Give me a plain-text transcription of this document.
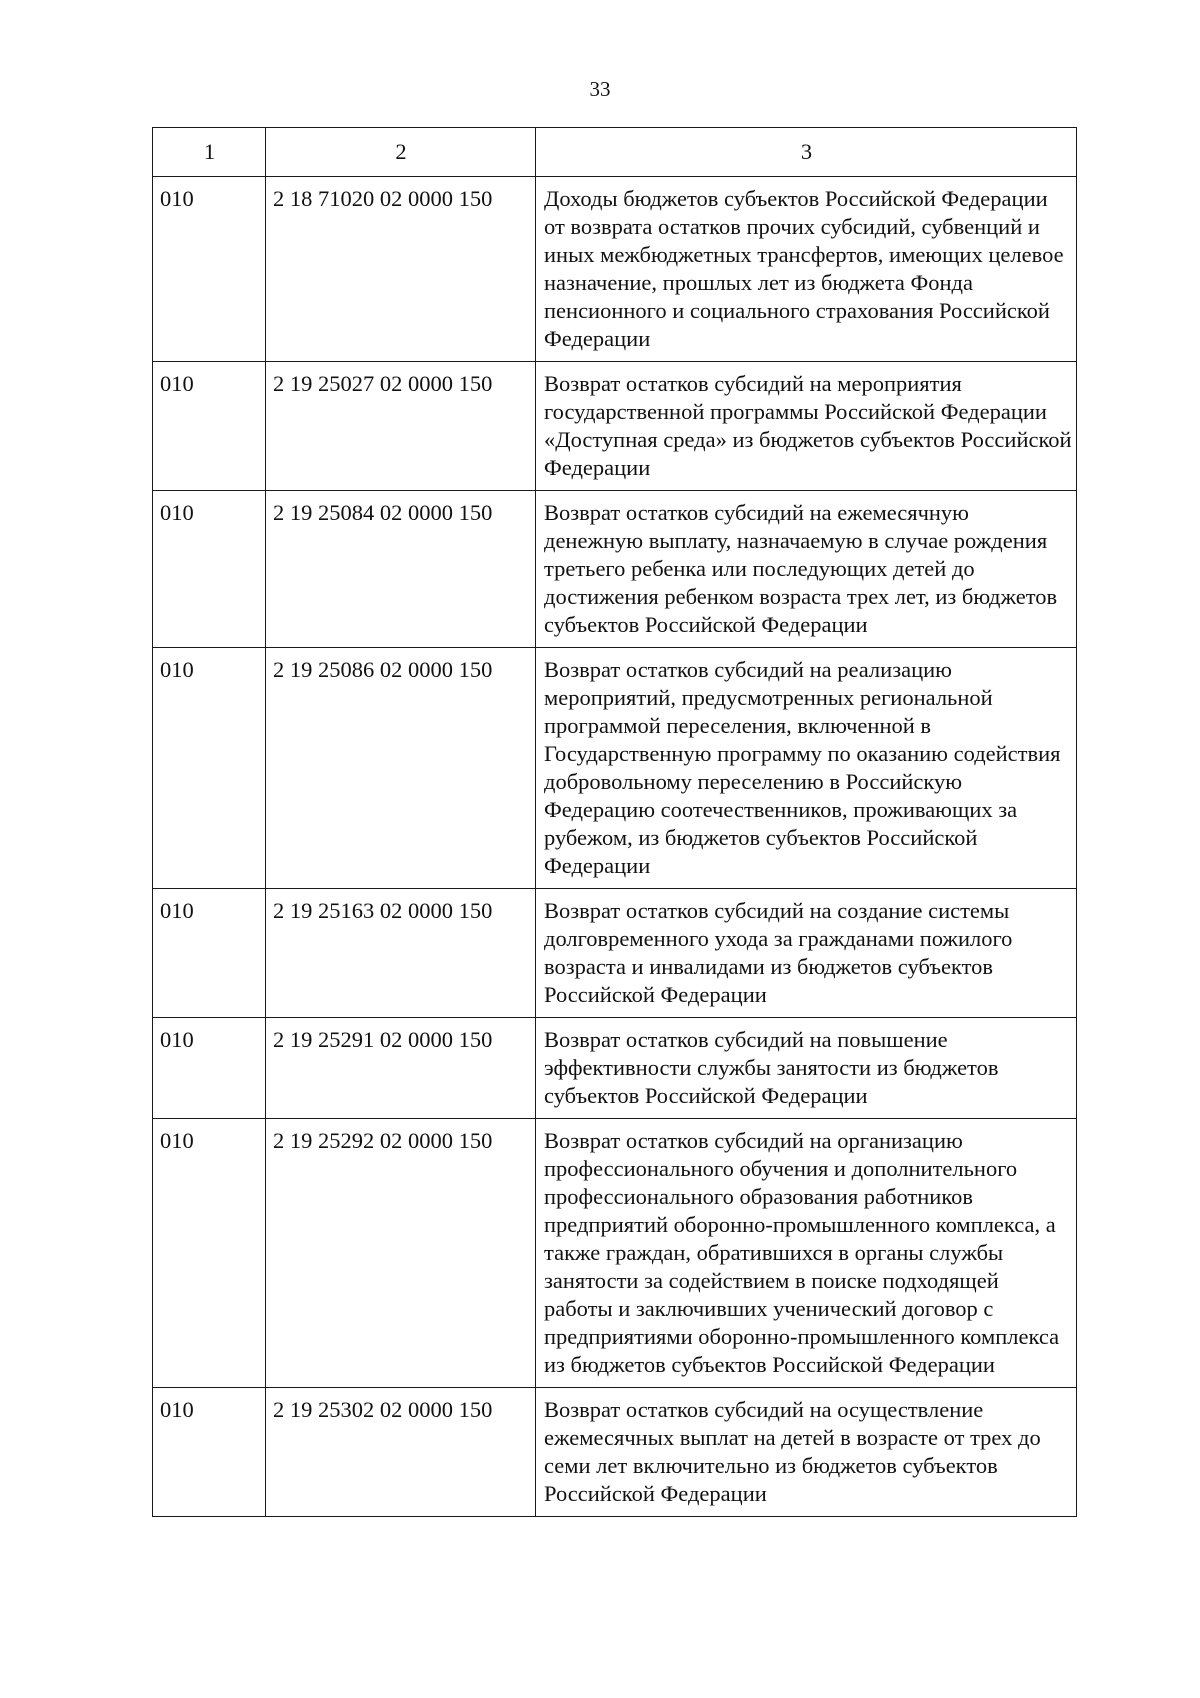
33
1	2	3
010	2 18 71020 02 0000 150	Доходы бюджетов субъектов Российской Федерации от возврата остатков прочих субсидий, субвенций и иных межбюджетных трансфертов, имеющих целевое назначение, прошлых лет из бюджета Фонда пенсионного и социального страхования Российской Федерации
010	2 19 25027 02 0000 150	Возврат остатков субсидий на мероприятия государственной программы Российской Федерации «Доступная среда» из бюджетов субъектов Российской Федерации
010	2 19 25084 02 0000 150	Возврат остатков субсидий на ежемесячную денежную выплату, назначаемую в случае рождения третьего ребенка или последующих детей до достижения ребенком возраста трех лет, из бюджетов субъектов Российской Федерации
010	2 19 25086 02 0000 150	Возврат остатков субсидий на реализацию мероприятий, предусмотренных региональной программой переселения, включенной в Государственную программу по оказанию содействия добровольному переселению в Российскую Федерацию соотечественников, проживающих за рубежом, из бюджетов субъектов Российской Федерации
010	2 19 25163 02 0000 150	Возврат остатков субсидий на создание системы долговременного ухода за гражданами пожилого возраста и инвалидами из бюджетов субъектов Российской Федерации
010	2 19 25291 02 0000 150	Возврат остатков субсидий на повышение эффективности службы занятости из бюджетов субъектов Российской Федерации
010	2 19 25292 02 0000 150	Возврат остатков субсидий на организацию профессионального обучения и дополнительного профессионального образования работников предприятий оборонно-промышленного комплекса, а также граждан, обратившихся в органы службы занятости за содействием в поиске подходящей работы и заключивших ученический договор с предприятиями оборонно-промышленного комплекса из бюджетов субъектов Российской Федерации
010	2 19 25302 02 0000 150	Возврат остатков субсидий на осуществление ежемесячных выплат на детей в возрасте от трех до семи лет включительно из бюджетов субъектов Российской Федерации
